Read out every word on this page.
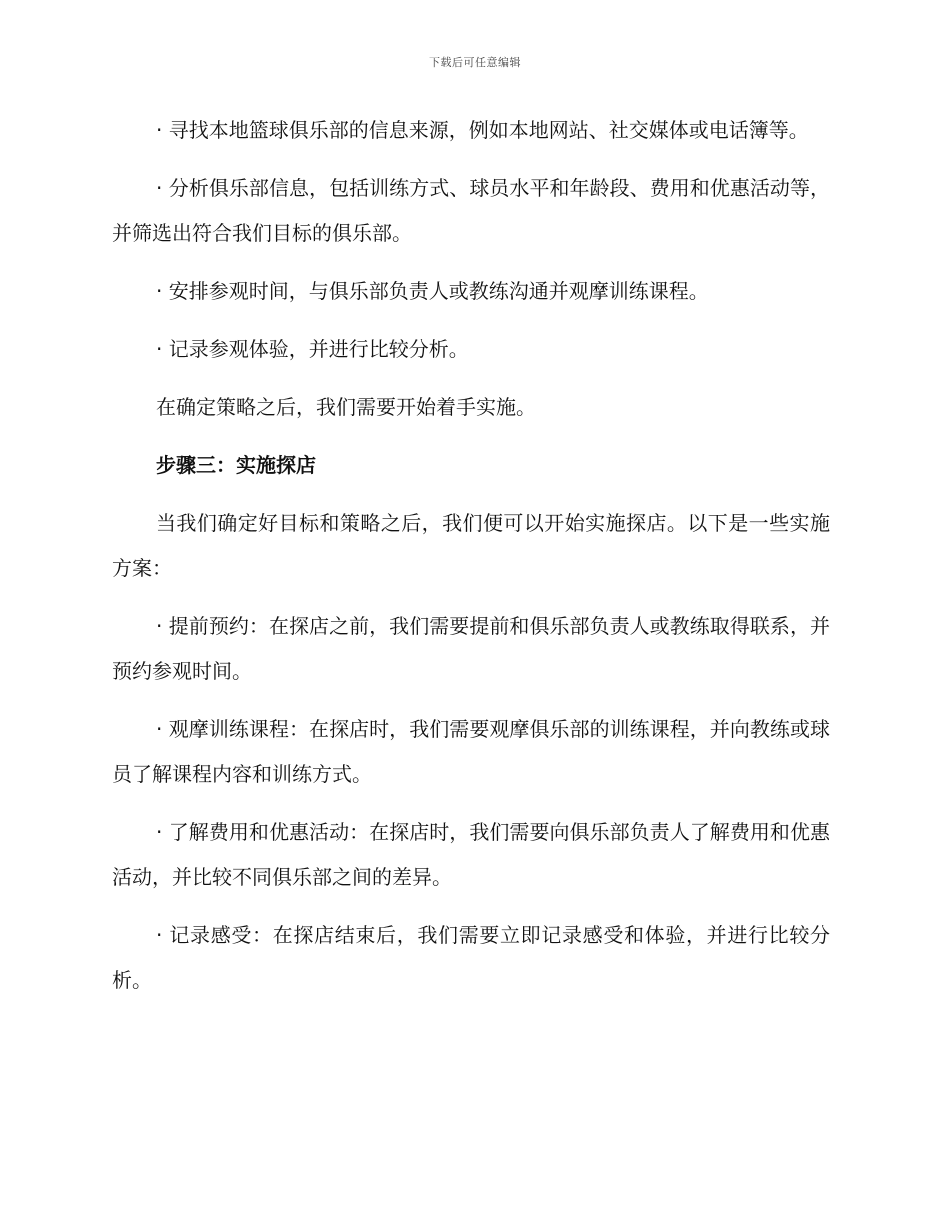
下载后可任意编辑

· 寻找本地篮球俱乐部的信息来源，例如本地网站、社交媒体或电话簿等。

· 分析俱乐部信息，包括训练方式、球员水平和年龄段、费用和优惠活动等，并筛选出符合我们目标的俱乐部。

· 安排参观时间，与俱乐部负责人或教练沟通并观摩训练课程。

· 记录参观体验，并进行比较分析。

在确定策略之后，我们需要开始着手实施。

步骤三：实施探店

当我们确定好目标和策略之后，我们便可以开始实施探店。以下是一些实施方案：

· 提前预约：在探店之前，我们需要提前和俱乐部负责人或教练取得联系，并预约参观时间。

· 观摩训练课程：在探店时，我们需要观摩俱乐部的训练课程，并向教练或球员了解课程内容和训练方式。

· 了解费用和优惠活动：在探店时，我们需要向俱乐部负责人了解费用和优惠活动，并比较不同俱乐部之间的差异。

· 记录感受：在探店结束后，我们需要立即记录感受和体验，并进行比较分析。
